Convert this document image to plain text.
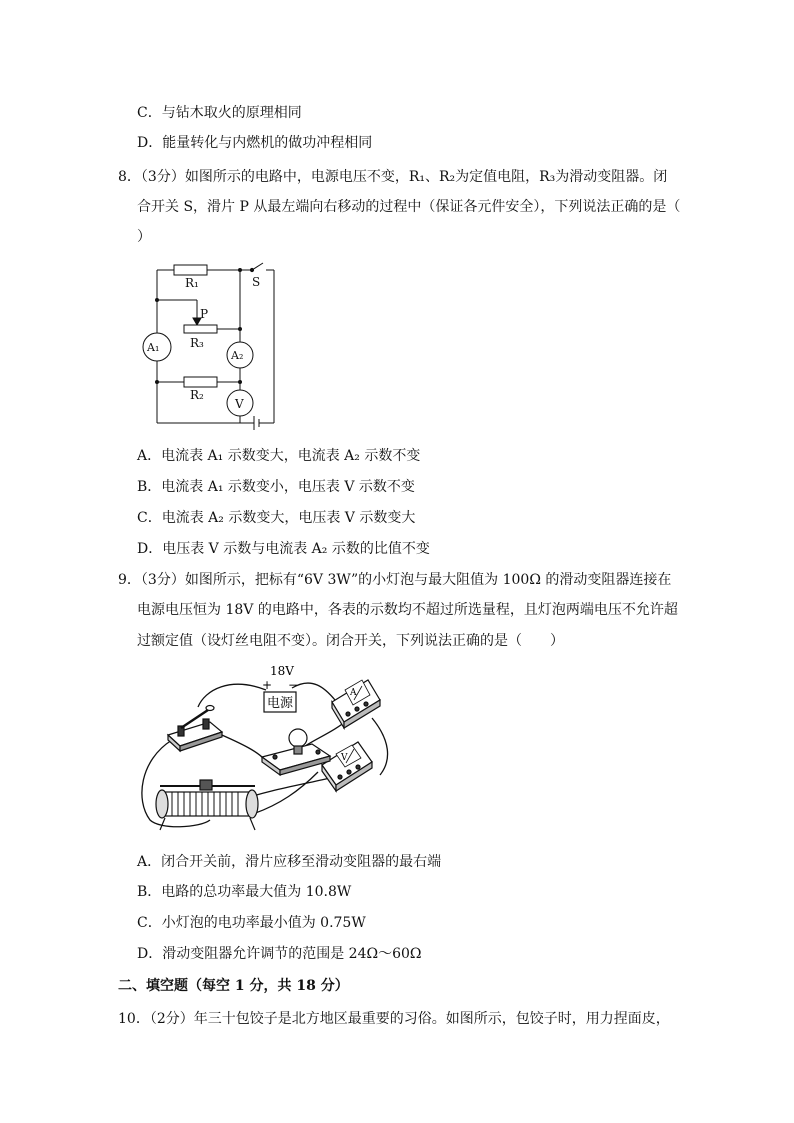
C．与钻木取火的原理相同
D．能量转化与内燃机的做功冲程相同
8．（3分）如图所示的电路中，电源电压不变，R₁、R₂为定值电阻，R₃为滑动变阻器。闭
合开关 S，滑片 P 从最左端向右移动的过程中（保证各元件安全），下列说法正确的是（
）
R₁
P
R₃
R₂
S
A₁
A₂
V
A．电流表 A₁ 示数变大，电流表 A₂ 示数不变
B．电流表 A₁ 示数变小，电压表 V 示数不变
C．电流表 A₂ 示数变大，电压表 V 示数变大
D．电压表 V 示数与电流表 A₂ 示数的比值不变
9．（3分）如图所示，把标有“6V 3W”的小灯泡与最大阻值为 100Ω 的滑动变阻器连接在
电源电压恒为 18V 的电路中，各表的示数均不超过所选量程，且灯泡两端电压不允许超
过额定值（设灯丝电阻不变）。闭合开关，下列说法正确的是（　　）
电源
18V
+ −
A
V
A．闭合开关前，滑片应移至滑动变阻器的最右端
B．电路的总功率最大值为 10.8W
C．小灯泡的电功率最小值为 0.75W
D．滑动变阻器允许调节的范围是 24Ω～60Ω
二、填空题（每空 1 分，共 18 分）
10．（2分）年三十包饺子是北方地区最重要的习俗。如图所示，包饺子时，用力捏面皮，
